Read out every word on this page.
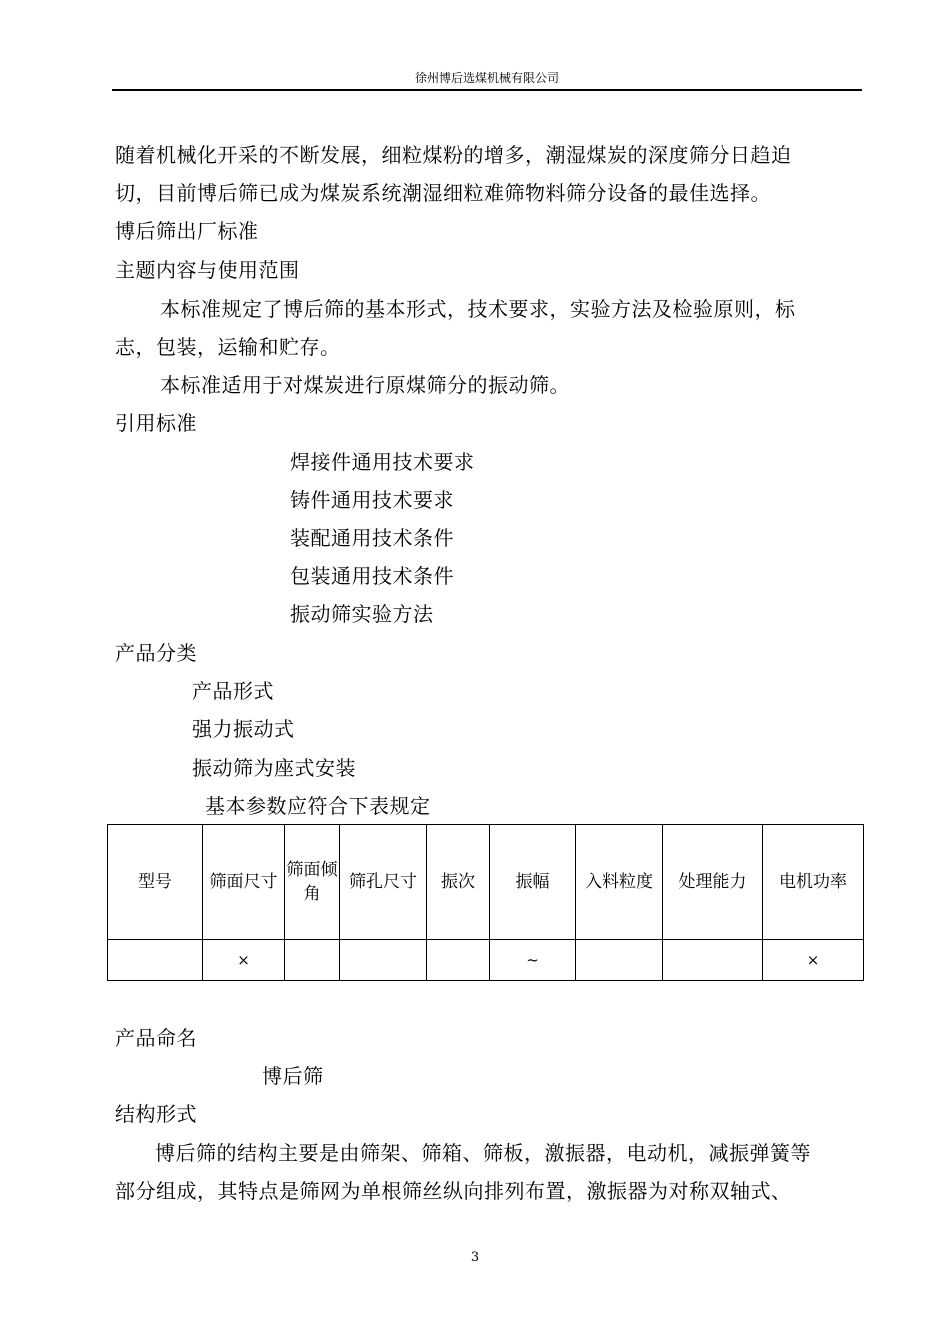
徐州博后选煤机械有限公司
随着机械化开采的不断发展，细粒煤粉的增多，潮湿煤炭的深度筛分日趋迫
切，目前博后筛已成为煤炭系统潮湿细粒难筛物料筛分设备的最佳选择。
博后筛出厂标准
主题内容与使用范围
本标准规定了博后筛的基本形式，技术要求，实验方法及检验原则，标
志，包装，运输和贮存。
本标准适用于对煤炭进行原煤筛分的振动筛。
引用标准
焊接件通用技术要求
铸件通用技术要求
装配通用技术条件
包装通用技术条件
振动筛实验方法
产品分类
产品形式
强力振动式
振动筛为座式安装
基本参数应符合下表规定
型号	筛面尺寸	筛面倾角	筛孔尺寸	振次	振幅	入料粒度	处理能力	电机功率
	×				~			×
产品命名
博后筛
结构形式
博后筛的结构主要是由筛架、筛箱、筛板，激振器，电动机，减振弹簧等
部分组成，其特点是筛网为单根筛丝纵向排列布置，激振器为对称双轴式、
3
